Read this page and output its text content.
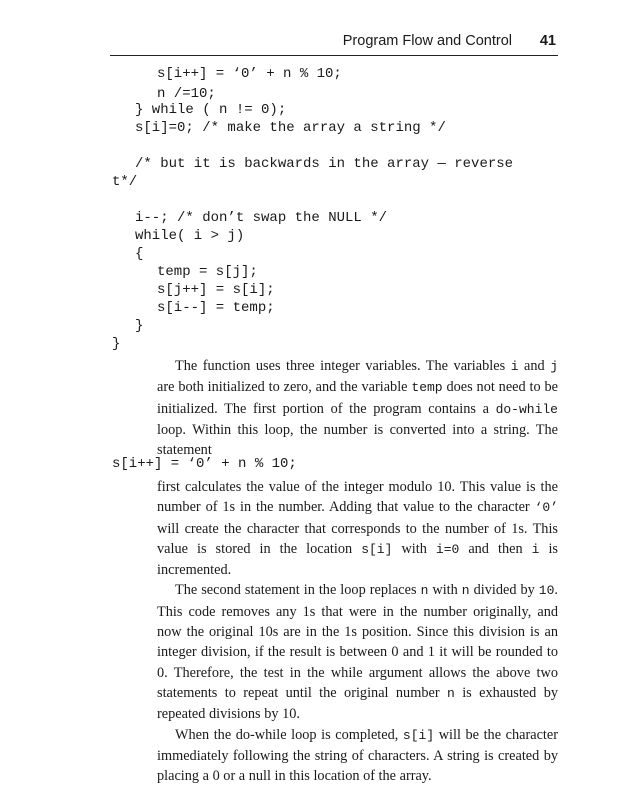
Program Flow and Control 41
s[i++] = ‘0’ + n % 10;
n /=10;
} while ( n != 0);
s[i]=0; /* make the array a string */
/* but it is backwards in the array — reverse
t*/
i--; /* don’t swap the NULL */
while( i > j)
{
temp = s[j];
s[j++] = s[i];
s[i--] = temp;
}
}

The function uses three integer variables. The variables i and j are both initialized to zero, and the variable temp does not need to be initialized. The first portion of the program contains a do-while loop. Within this loop, the number is converted into a string. The statement

s[i++] = ‘0’ + n % 10;

first calculates the value of the integer modulo 10. This value is the number of 1s in the number. Adding that value to the character ‘0’ will create the character that corresponds to the number of 1s. This value is stored in the location s[i] with i=0 and then i is incremented.

The second statement in the loop replaces n with n divided by 10. This code removes any 1s that were in the number originally, and now the original 10s are in the 1s position. Since this division is an integer division, if the result is between 0 and 1 it will be rounded to 0. Therefore, the test in the while argument allows the above two statements to repeat until the original number n is exhausted by repeated divisions by 10.

When the do-while loop is completed, s[i] will be the character immediately following the string of characters. A string is created by placing a 0 or a null in this location of the array.
